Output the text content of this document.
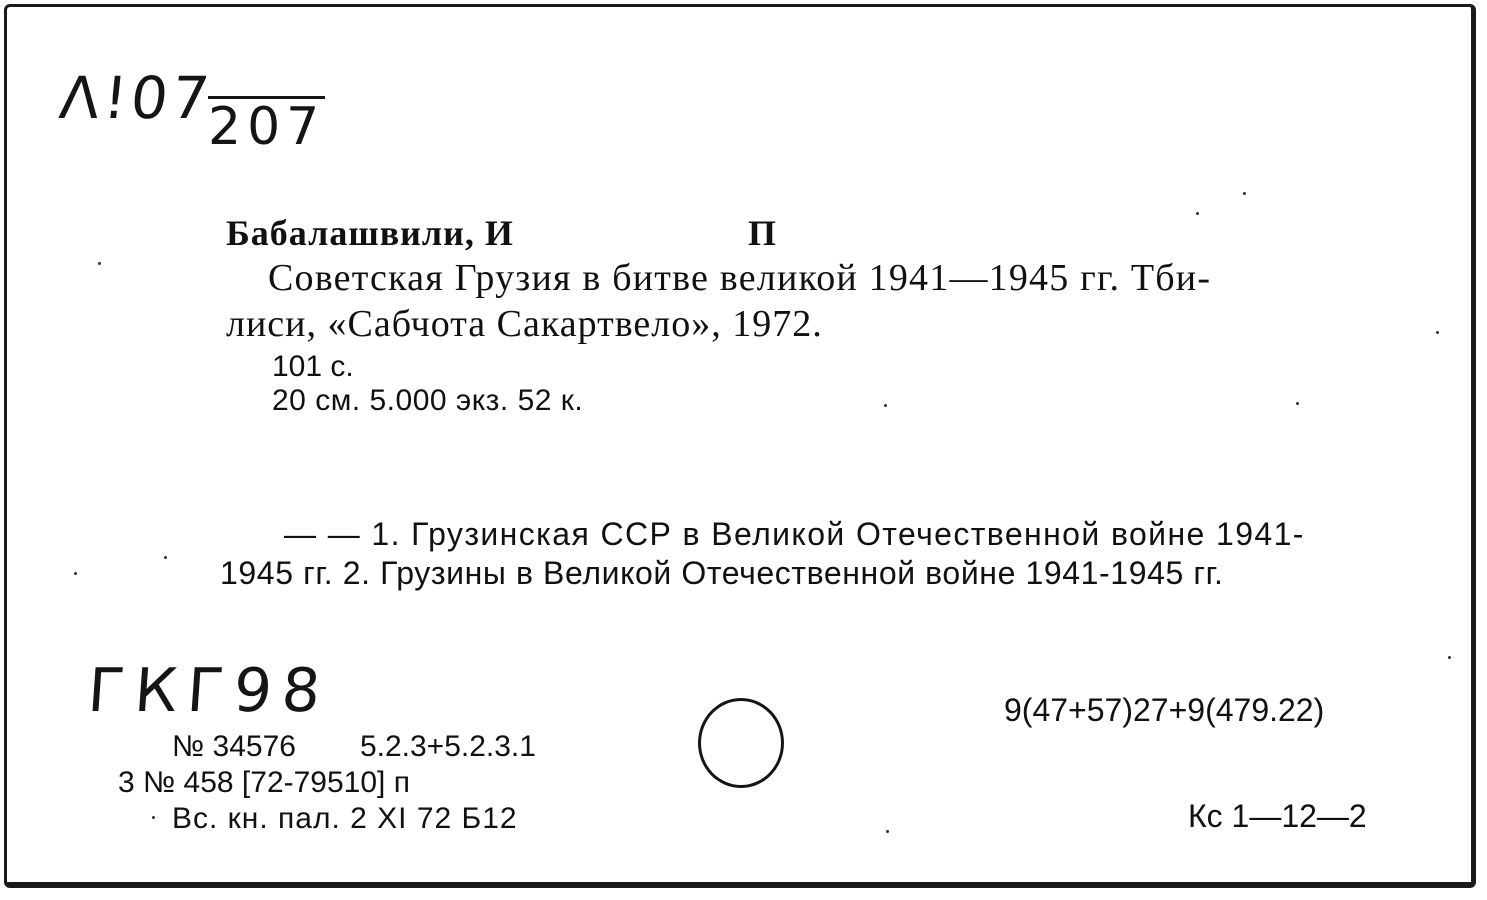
Λ!07
207
Бабалашвили, И	П
Советская Грузия в битве великой 1941—1945 гг. Тби-
лиси, «Сабчота Сакартвело», 1972.
101 с.
20 см. 5.000 экз. 52 к.
— — 1. Грузинская ССР в Великой Отечественной войне 1941-
1945 гг. 2. Грузины в Великой Отечественной войне 1941-1945 гг.
ГКГ98
№ 34576 5.2.3+5.2.3.1
3 № 458 [72-79510] п
Вс. кн. пал. 2 XI 72 Б12
9(47+57)27+9(479.22)
Кс 1—12—2
